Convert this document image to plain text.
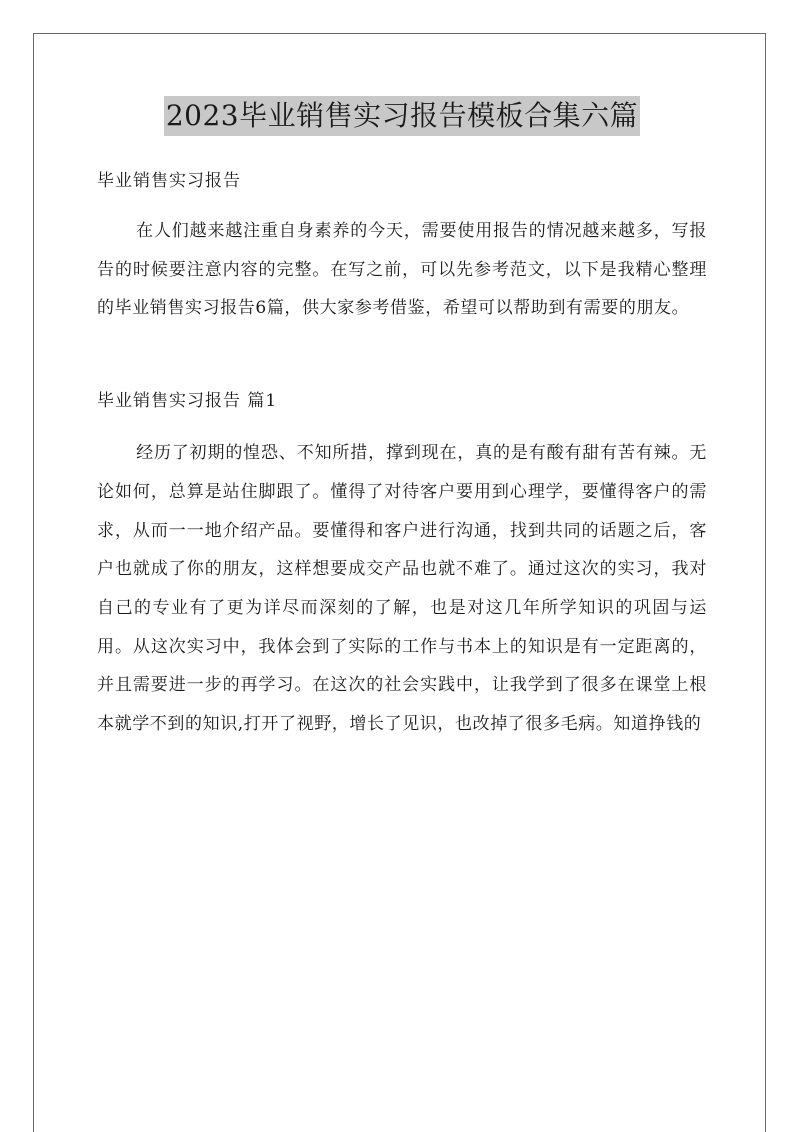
2023毕业销售实习报告模板合集六篇

毕业销售实习报告

在人们越来越注重自身素养的今天，需要使用报告的情况越来越多，写报告的时候要注意内容的完整。在写之前，可以先参考范文，以下是我精心整理的毕业销售实习报告6篇，供大家参考借鉴，希望可以帮助到有需要的朋友。

毕业销售实习报告 篇1

经历了初期的惶恐、不知所措，撑到现在，真的是有酸有甜有苦有辣。无论如何，总算是站住脚跟了。懂得了对待客户要用到心理学，要懂得客户的需求，从而一一地介绍产品。要懂得和客户进行沟通，找到共同的话题之后，客户也就成了你的朋友，这样想要成交产品也就不难了。通过这次的实习，我对自己的专业有了更为详尽而深刻的了解，也是对这几年所学知识的巩固与运用。从这次实习中，我体会到了实际的工作与书本上的知识是有一定距离的，并且需要进一步的再学习。在这次的社会实践中，让我学到了很多在课堂上根本就学不到的知识,打开了视野，增长了见识，也改掉了很多毛病。知道挣钱的
